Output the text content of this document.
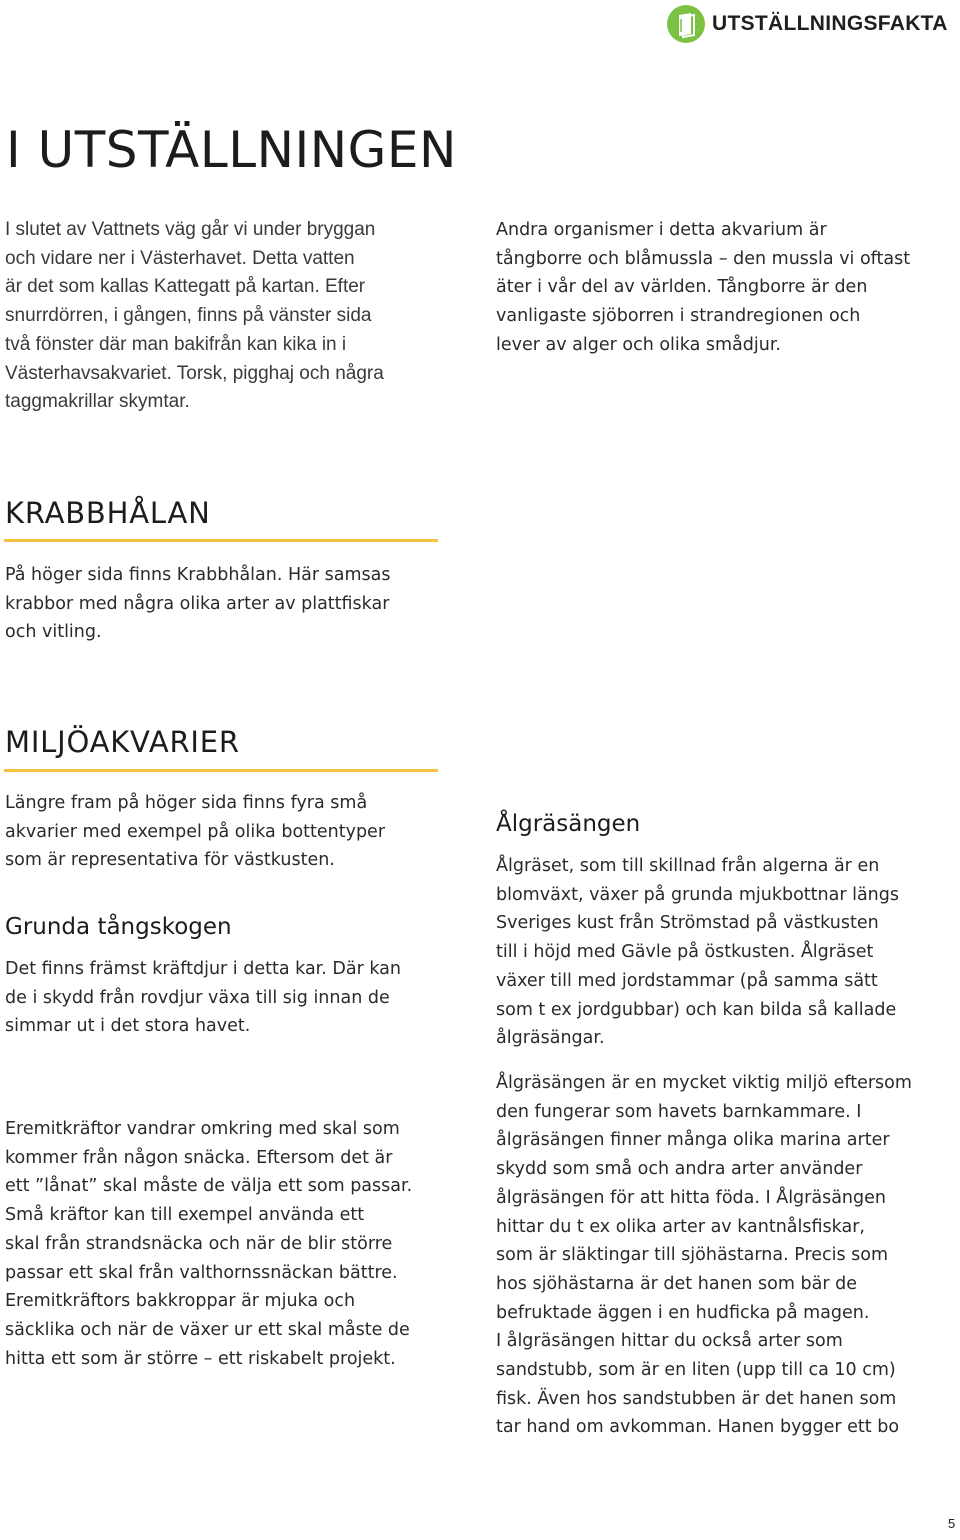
UTSTÄLLNINGSFAKTA
I UTSTÄLLNINGEN

I slutet av Vattnets väg går vi under bryggan
och vidare ner i Västerhavet. Detta vatten
är det som kallas Kattegatt på kartan. Efter
snurrdörren, i gången, finns på vänster sida
två fönster där man bakifrån kan kika in i
Västerhavsakvariet. Torsk, pigghaj och några
taggmakrillar skymtar.

Andra organismer i detta akvarium är
tångborre och blåmussla – den mussla vi oftast
äter i vår del av världen. Tångborre är den
vanligaste sjöborren i strandregionen och
lever av alger och olika smådjur.

KRABBHÅLAN

På höger sida finns Krabbhålan. Här samsas
krabbor med några olika arter av plattfiskar
och vitling.

MILJÖAKVARIER

Längre fram på höger sida finns fyra små
akvarier med exempel på olika bottentyper
som är representativa för västkusten.

Grunda tångskogen

Det finns främst kräftdjur i detta kar. Där kan
de i skydd från rovdjur växa till sig innan de
simmar ut i det stora havet.

Eremitkräftor vandrar omkring med skal som
kommer från någon snäcka. Eftersom det är
ett ”lånat” skal måste de välja ett som passar.
Små kräftor kan till exempel använda ett
skal från strandsnäcka och när de blir större
passar ett skal från valthornssnäckan bättre.
Eremitkräftors bakkroppar är mjuka och
säcklika och när de växer ur ett skal måste de
hitta ett som är större – ett riskabelt projekt.

Ålgräsängen

Ålgräset, som till skillnad från algerna är en
blomväxt, växer på grunda mjukbottnar längs
Sveriges kust från Strömstad på västkusten
till i höjd med Gävle på östkusten. Ålgräset
växer till med jordstammar (på samma sätt
som t ex jordgubbar) och kan bilda så kallade
ålgräsängar.

Ålgräsängen är en mycket viktig miljö eftersom
den fungerar som havets barnkammare. I
ålgräsängen finner många olika marina arter
skydd som små och andra arter använder
ålgräsängen för att hitta föda. I Ålgräsängen
hittar du t ex olika arter av kantnålsfiskar,
som är släktingar till sjöhästarna. Precis som
hos sjöhästarna är det hanen som bär de
befruktade äggen i en hudficka på magen.
I ålgräsängen hittar du också arter som
sandstubb, som är en liten (upp till ca 10 cm)
fisk. Även hos sandstubben är det hanen som
tar hand om avkomman. Hanen bygger ett bo

5
